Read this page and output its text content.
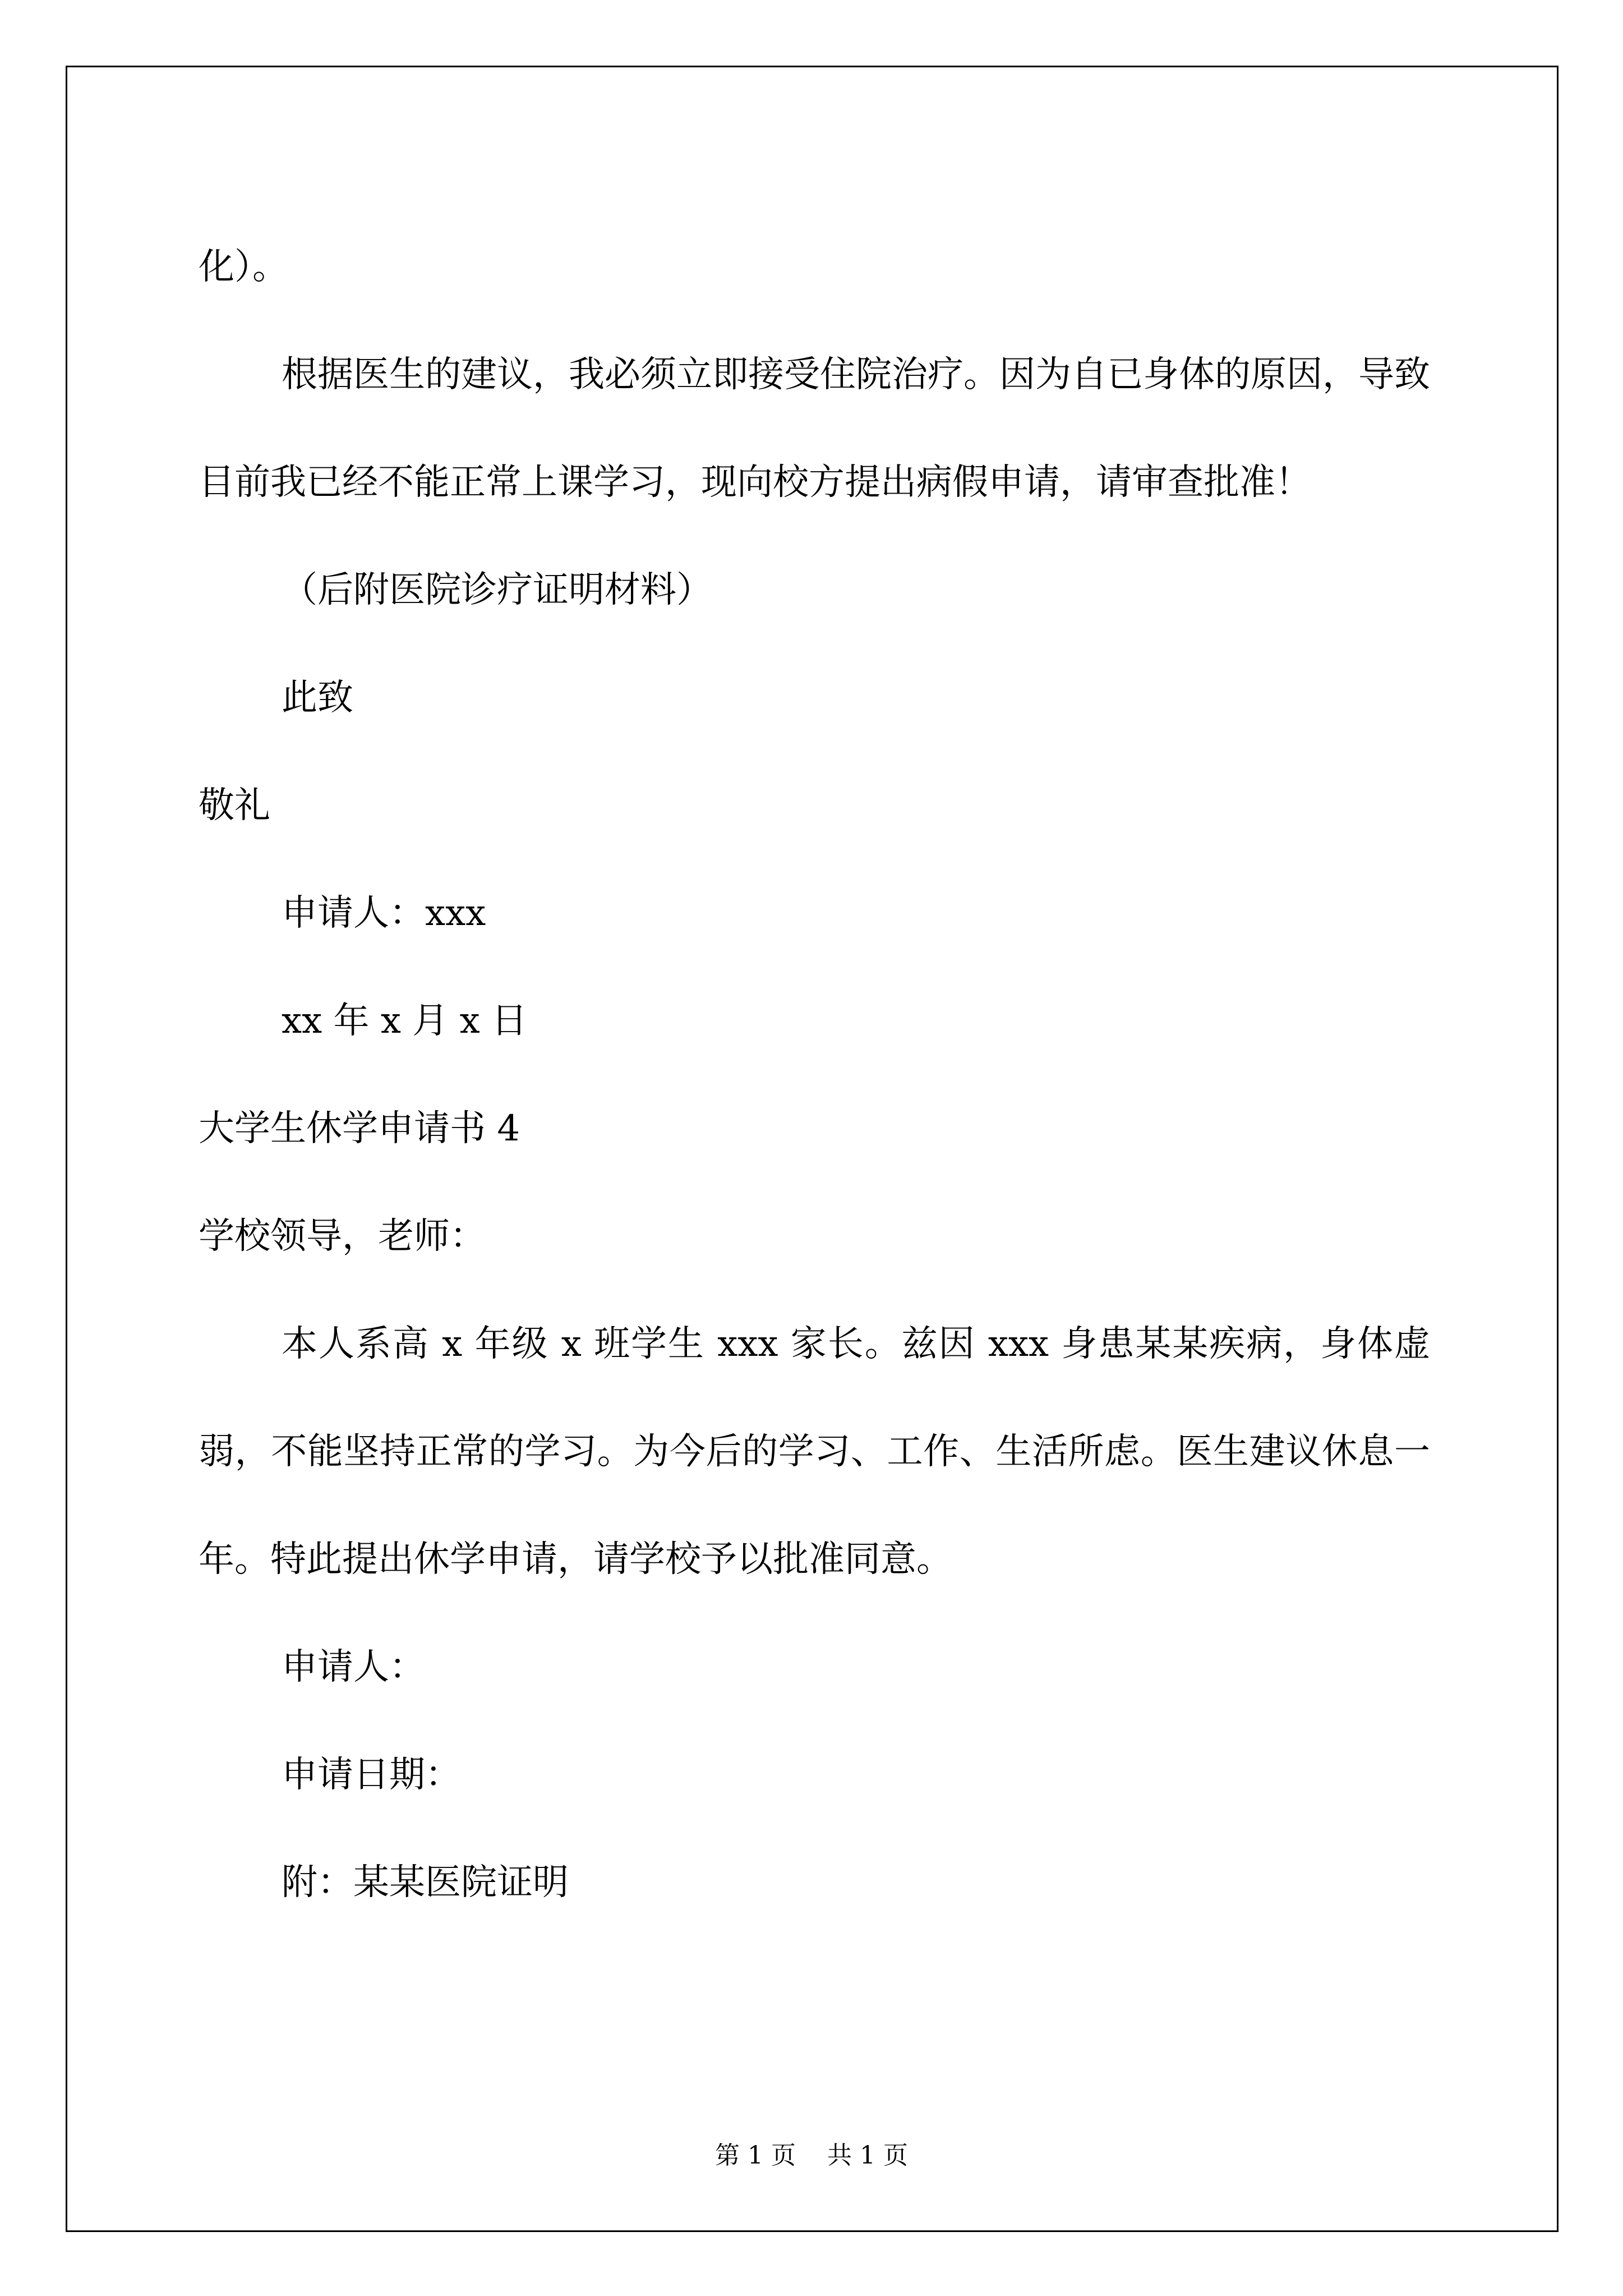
化）。

根据医生的建议，我必须立即接受住院治疗。因为自已身体的原因，导致目前我已经不能正常上课学习，现向校方提出病假申请，请审查批准！

（后附医院诊疗证明材料）

此致

敬礼

申请人：xxx

xx 年 x 月 x 日

大学生休学申请书 4

学校领导，老师：

本人系高 x 年级 x 班学生 xxx 家长。兹因 xxx 身患某某疾病，身体虚弱，不能坚持正常的学习。为今后的学习、工作、生活所虑。医生建议休息一年。特此提出休学申请，请学校予以批准同意。

申请人：

申请日期：

附：某某医院证明

第 1 页 共 1 页
